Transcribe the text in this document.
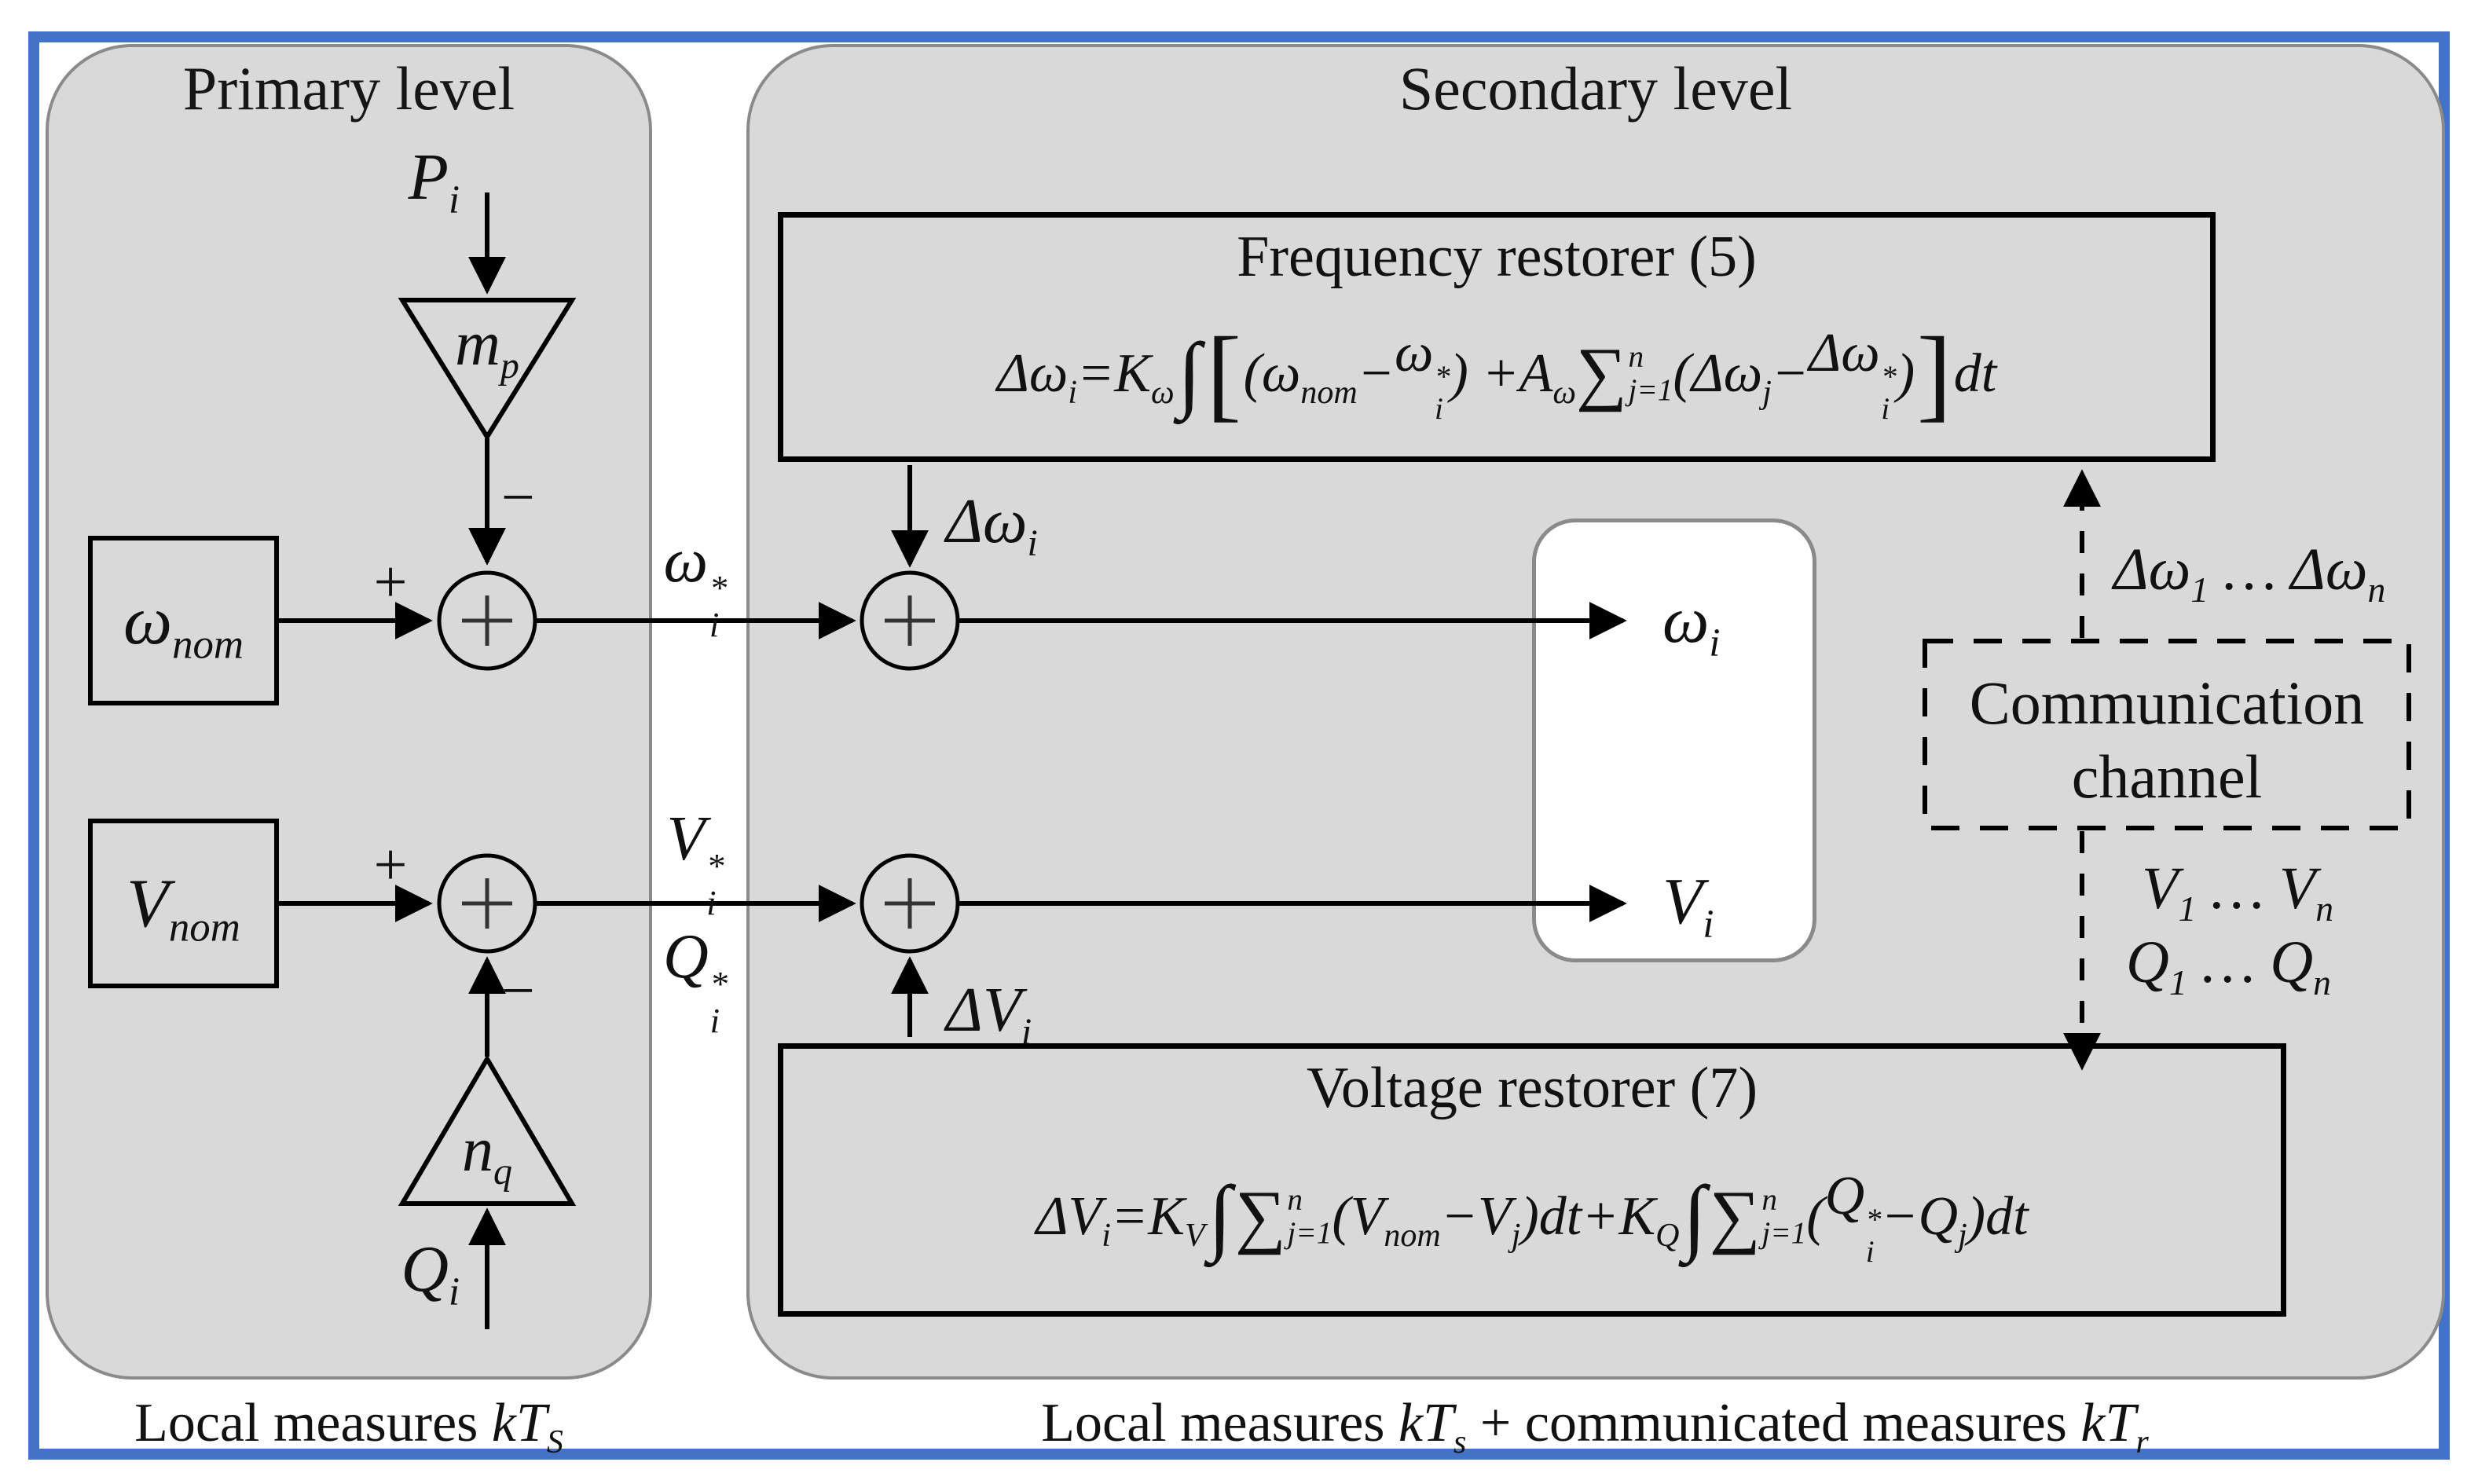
Primary level	Secondary level
$P_i$
$m_p$
−
$\omega_{nom}$
+	ω *
i
$V_{nom}$
+	V *
i
Q *
i
−
$n_q$
$Q_i$
Frequency restorer (5)
$\Delta\omega_i = K_\omega$ ∫ [ ( $\omega_{nom} - \omega$ *
i
) + $A_\omega$ ∑ n
j=1 ( $\Delta\omega_j - \Delta\omega$ *
i
) ] dt
Voltage restorer (7)
$\Delta V_i = K_V$ ∫ ∑ n
j=1 ( $V_{nom} - V_j$ ) dt + $K_Q$ ∫ ∑ n
j=1 ( Q *
i
− $Q_j$ ) dt
$\Delta\omega_i$
$\Delta V_i$
$\omega_i$
$V_i$
Communication
channel
$\Delta\omega_1$ … $\Delta\omega_n$
$V_1$ … $V_n$
$Q_1$ … $Q_n$
Local measures $kT_S$	Local measures $kT_s$ + communicated measures $kT_r$
